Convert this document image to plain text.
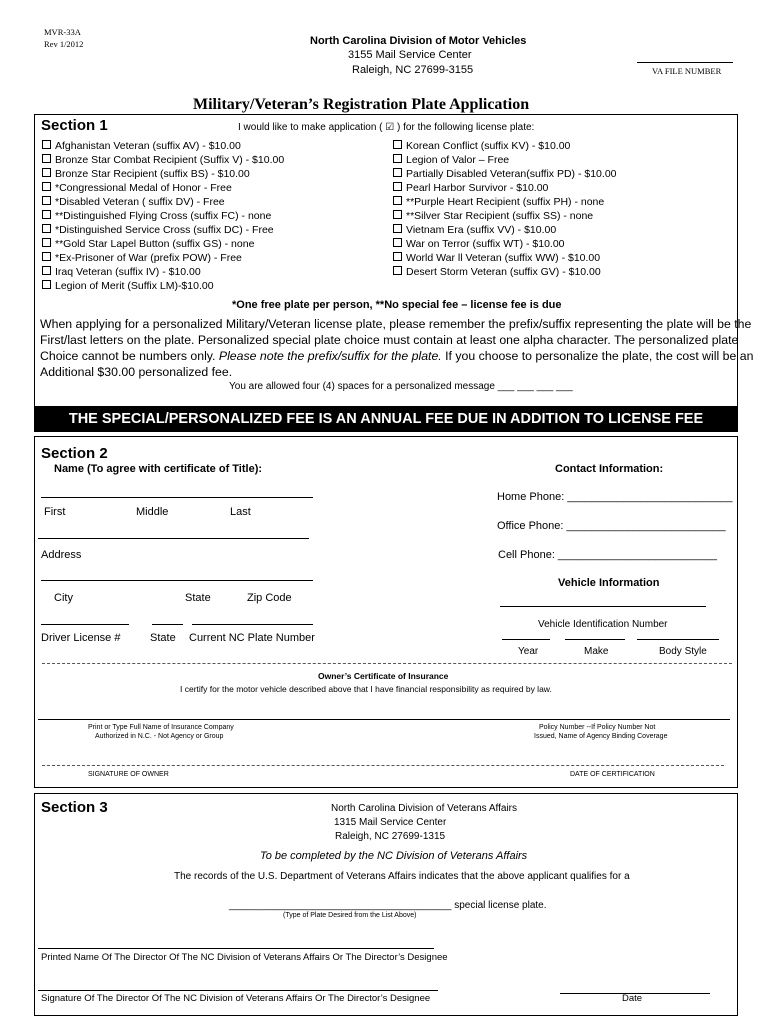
MVR-33A
Rev 1/2012	North Carolina Division of Motor Vehicles
3155 Mail Service Center
Raleigh, NC 27699-3155	VA FILE NUMBER
Military/Veteran’s Registration Plate Application
Section 1	I would like to make application ( ☑ ) for the following license plate:
Afghanistan Veteran (suffix AV) - $10.00
Bronze Star Combat Recipient (Suffix V) - $10.00
Bronze Star Recipient (suffix BS) - $10.00
*Congressional Medal of Honor - Free
*Disabled Veteran ( suffix DV) - Free
**Distinguished Flying Cross (suffix FC) - none
*Distinguished Service Cross (suffix DC) - Free
**Gold Star Lapel Button (suffix GS) - none
*Ex-Prisoner of War (prefix POW) - Free
Iraq Veteran (suffix IV) - $10.00
Legion of Merit (Suffix LM)-$10.00
Korean Conflict (suffix KV) - $10.00
Legion of Valor – Free
Partially Disabled Veteran(suffix PD) - $10.00
Pearl Harbor Survivor - $10.00
**Purple Heart Recipient (suffix PH) - none
**Silver Star Recipient (suffix SS) - none
Vietnam Era (suffix VV) - $10.00
War on Terror (suffix WT) - $10.00
World War ll Veteran (suffix WW) - $10.00
Desert Storm Veteran (suffix GV) - $10.00
*One free plate per person, **No special fee – license fee is due
When applying for a personalized Military/Veteran license plate, please remember the prefix/suffix representing the plate will be the
First/last letters on the plate. Personalized special plate choice must contain at least one alpha character. The personalized plate
Choice cannot be numbers only. Please note the prefix/suffix for the plate. If you choose to personalize the plate, the cost will be an
Additional $30.00 personalized fee.
You are allowed four (4) spaces for a personalized message ___ ___ ___ ___
THE SPECIAL/PERSONALIZED FEE IS AN ANNUAL FEE DUE IN ADDITION TO LICENSE FEE
Section 2
Name (To agree with certificate of Title):	Contact Information:
Home Phone: ___________________________
First	Middle	Last
Office Phone: __________________________
Address	Cell Phone: __________________________
Vehicle Information
City	State	Zip Code
Vehicle Identification Number
Driver License #	State Current NC Plate Number
Year	Make	Body Style
Owner’s Certificate of Insurance
I certify for the motor vehicle described above that I have financial responsibility as required by law.
Print or Type Full Name of Insurance Company
Authorized in N.C. - Not Agency or Group
Policy Number --If Policy Number Not
Issued, Name of Agency Binding Coverage
SIGNATURE OF OWNER	DATE OF CERTIFICATION
Section 3	North Carolina Division of Veterans Affairs
1315 Mail Service Center
Raleigh, NC 27699-1315
To be completed by the NC Division of Veterans Affairs
The records of the U.S. Department of Veterans Affairs indicates that the above applicant qualifies for a
________________________________________ special license plate.
(Type of Plate Desired from the List Above)
Printed Name Of The Director Of The NC Division of Veterans Affairs Or The Director’s Designee
Signature Of The Director Of The NC Division of Veterans Affairs Or The Director’s Designee	Date
